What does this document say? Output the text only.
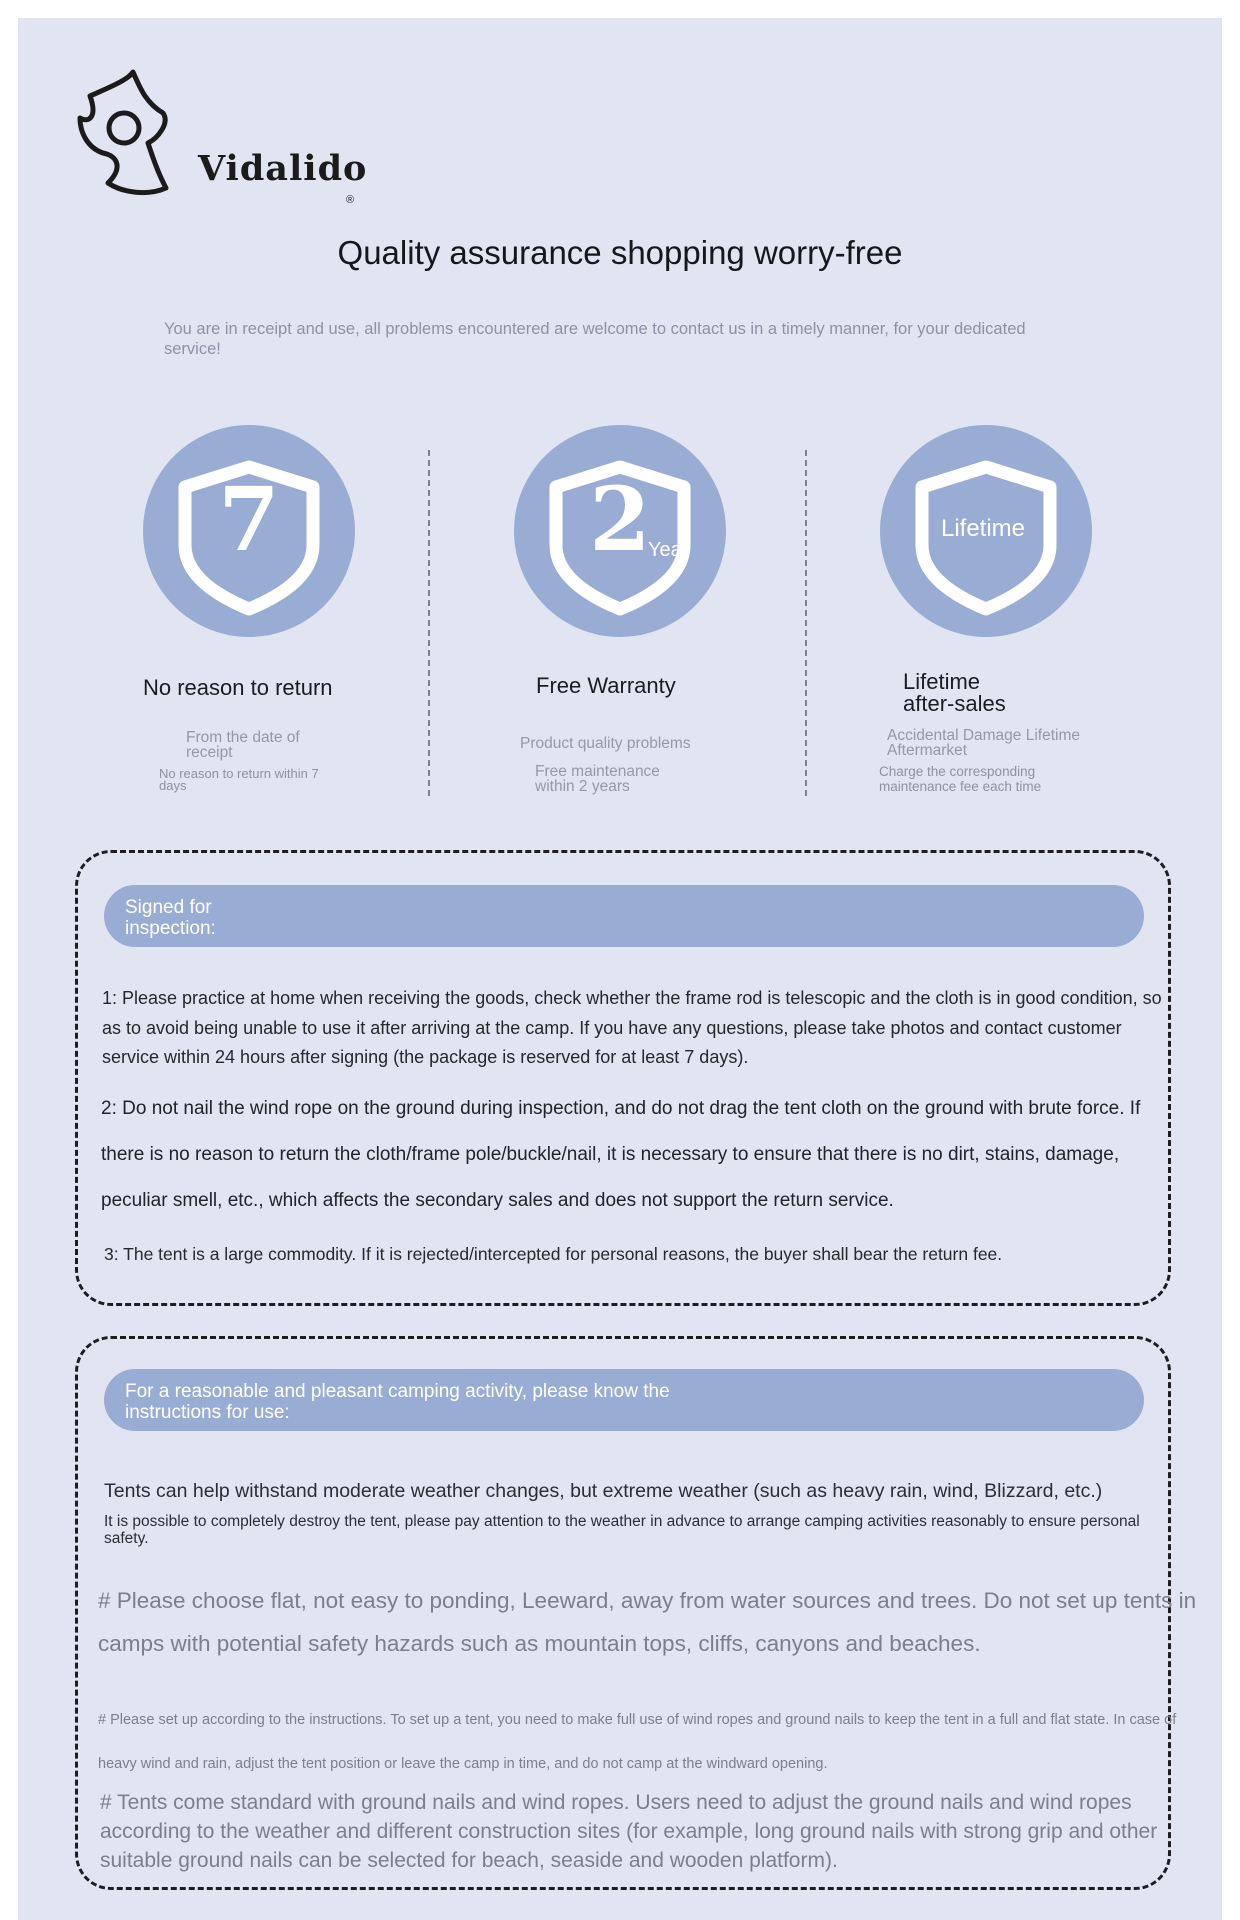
Vidalido
®
Quality assurance shopping worry-free
You are in receipt and use, all problems encountered are welcome to contact us in a timely manner, for your dedicated service!
7	2
Year
Lifetime
No reason to return
From the date of receipt
No reason to return within 7 days
Free Warranty
Product quality problems
Free maintenance within 2 years
Lifetime after-sales
Accidental Damage Lifetime Aftermarket
Charge the corresponding maintenance fee each time
Signed for inspection:

1: Please practice at home when receiving the goods, check whether the frame rod is telescopic and the cloth is in good condition, so as to avoid being unable to use it after arriving at the camp. If you have any questions, please take photos and contact customer service within 24 hours after signing (the package is reserved for at least 7 days).

2: Do not nail the wind rope on the ground during inspection, and do not drag the tent cloth on the ground with brute force. If there is no reason to return the cloth/frame pole/buckle/nail, it is necessary to ensure that there is no dirt, stains, damage, peculiar smell, etc., which affects the secondary sales and does not support the return service.

3: The tent is a large commodity. If it is rejected/intercepted for personal reasons, the buyer shall bear the return fee.

For a reasonable and pleasant camping activity, please know the instructions for use:

Tents can help withstand moderate weather changes, but extreme weather (such as heavy rain, wind, Blizzard, etc.)

It is possible to completely destroy the tent, please pay attention to the weather in advance to arrange camping activities reasonably to ensure personal safety.

# Please choose flat, not easy to ponding, Leeward, away from water sources and trees. Do not set up tents in camps with potential safety hazards such as mountain tops, cliffs, canyons and beaches.

# Please set up according to the instructions. To set up a tent, you need to make full use of wind ropes and ground nails to keep the tent in a full and flat state. In case of heavy wind and rain, adjust the tent position or leave the camp in time, and do not camp at the windward opening.

# Tents come standard with ground nails and wind ropes. Users need to adjust the ground nails and wind ropes according to the weather and different construction sites (for example, long ground nails with strong grip and other suitable ground nails can be selected for beach, seaside and wooden platform).
